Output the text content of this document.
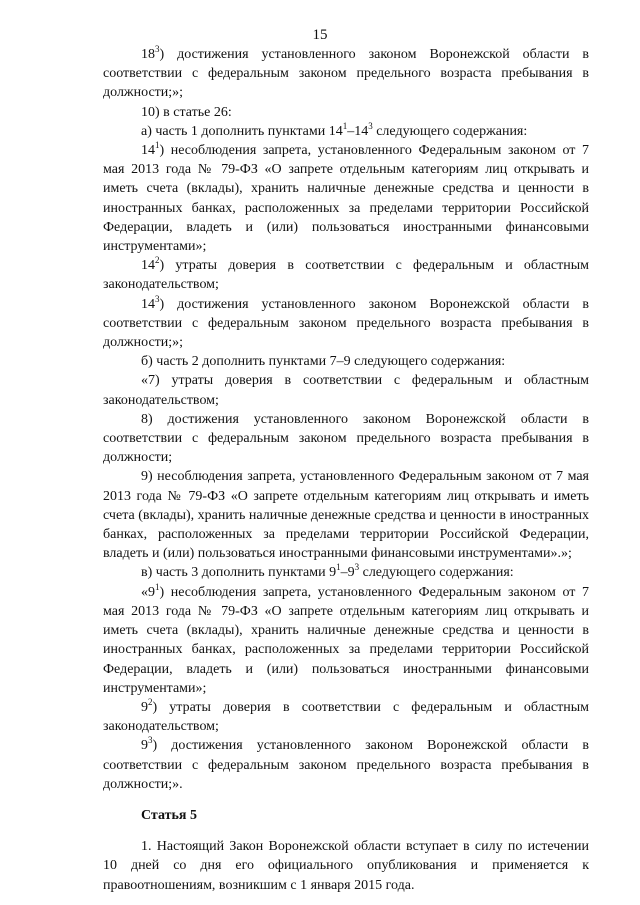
15

$18^3$) достижения установленного законом Воронежской области в соответствии с федеральным законом предельного возраста пребывания в должности;»;

10) в статье 26:

а) часть 1 дополнить пунктами $14^1-14^3$ следующего содержания:

$14^1$) несоблюдения запрета, установленного Федеральным законом от 7 мая 2013 года № 79-ФЗ «О запрете отдельным категориям лиц открывать и иметь счета (вклады), хранить наличные денежные средства и ценности в иностранных банках, расположенных за пределами территории Российской Федерации, владеть и (или) пользоваться иностранными финансовыми инструментами»;

$14^2$) утраты доверия в соответствии с федеральным и областным законодательством;

$14^3$) достижения установленного законом Воронежской области в соответствии с федеральным законом предельного возраста пребывания в должности;»;

б) часть 2 дополнить пунктами 7–9 следующего содержания:

«7) утраты доверия в соответствии с федеральным и областным законодательством;

8) достижения установленного законом Воронежской области в соответствии с федеральным законом предельного возраста пребывания в должности;

9) несоблюдения запрета, установленного Федеральным законом от 7 мая 2013 года № 79-ФЗ «О запрете отдельным категориям лиц открывать и иметь счета (вклады), хранить наличные денежные средства и ценности в иностранных банках, расположенных за пределами территории Российской Федерации, владеть и (или) пользоваться иностранными финансовыми инструментами».»;

в) часть 3 дополнить пунктами $9^1-9^3$ следующего содержания:

«$9^1$) несоблюдения запрета, установленного Федеральным законом от 7 мая 2013 года № 79-ФЗ «О запрете отдельным категориям лиц открывать и иметь счета (вклады), хранить наличные денежные средства и ценности в иностранных банках, расположенных за пределами территории Российской Федерации, владеть и (или) пользоваться иностранными финансовыми инструментами»;

$9^2$) утраты доверия в соответствии с федеральным и областным законодательством;

$9^3$) достижения установленного законом Воронежской области в соответствии с федеральным законом предельного возраста пребывания в должности;».

Статья 5

1. Настоящий Закон Воронежской области вступает в силу по истечении 10 дней со дня его официального опубликования и применяется к правоотношениям, возникшим с 1 января 2015 года.
